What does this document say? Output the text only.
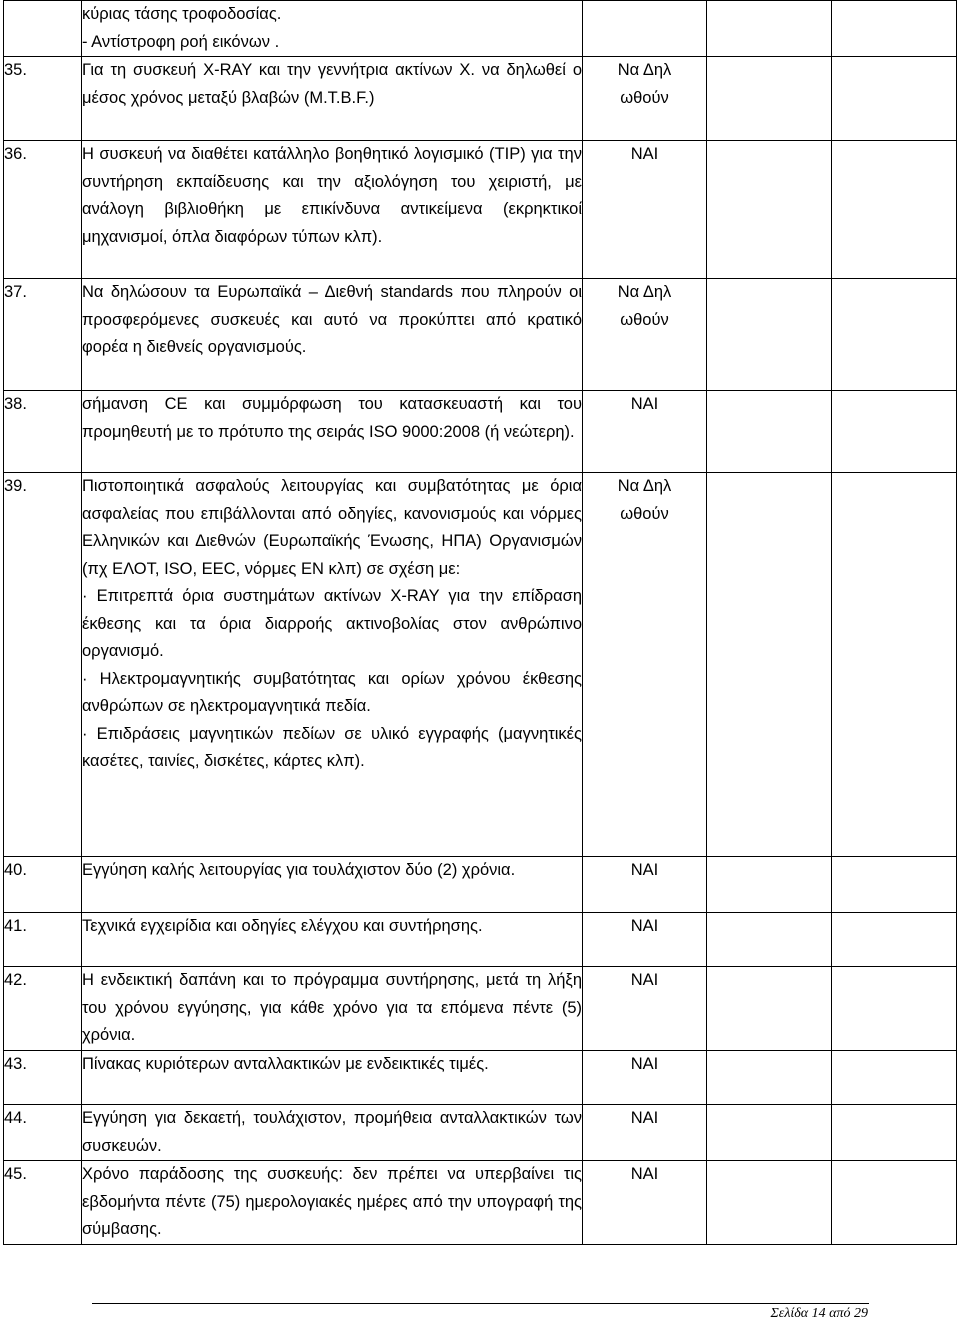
	κύριας τάσης τροφοδοσίας.
- Αντίστροφη ροή εικόνων .			

35.	Για τη συσκευή X-RAY και την γεννήτρια ακτίνων Χ. να δηλωθεί ο μέσος χρόνος μεταξύ βλαβών (M.T.B.F.)	Να Δηλωθούν		

36.	Η συσκευή να διαθέτει κατάλληλο βοηθητικό λογισμικό (TIP) για την συντήρηση εκπαίδευσης και την αξιολόγηση του χειριστή, με ανάλογη βιβλιοθήκη με επικίνδυνα αντικείμενα (εκρηκτικοί μηχανισμοί, όπλα διαφόρων τύπων κλπ).	ΝΑΙ		

37.	Να δηλώσουν τα Ευρωπαϊκά – Διεθνή standards που πληρούν οι προσφερόμενες συσκευές και αυτό να προκύπτει από κρατικό φορέα η διεθνείς οργανισμούς.	Να Δηλωθούν		

38.	σήμανση CE και συμμόρφωση του κατασκευαστή και του προμηθευτή με το πρότυπο της σειράς ISO 9000:2008 (ή νεώτερη).	ΝΑΙ		

39.	Πιστοποιητικά ασφαλούς λειτουργίας και συμβατότητας με όρια ασφαλείας που επιβάλλονται από οδηγίες, κανονισμούς και νόρμες Ελληνικών και Διεθνών (Ευρωπαϊκής Ένωσης, ΗΠΑ) Οργανισμών (πχ ΕΛΟΤ, ISO, EEC, νόρμες ΕΝ κλπ) σε σχέση με:
· Επιτρεπτά όρια συστημάτων ακτίνων X-RAY για την επίδραση έκθεσης και τα όρια διαρροής ακτινοβολίας στον ανθρώπινο οργανισμό.
· Ηλεκτρομαγνητικής συμβατότητας και ορίων χρόνου έκθεσης ανθρώπων σε ηλεκτρομαγνητικά πεδία.
· Επιδράσεις μαγνητικών πεδίων σε υλικό εγγραφής (μαγνητικές κασέτες, ταινίες, δισκέτες, κάρτες κλπ).	Να Δηλωθούν		

40.	Εγγύηση καλής λειτουργίας για τουλάχιστον δύο (2) χρόνια.	ΝΑΙ		

41.	Τεχνικά εγχειρίδια και οδηγίες ελέγχου και συντήρησης.	ΝΑΙ		

42.	Η ενδεικτική δαπάνη και το πρόγραμμα συντήρησης, μετά τη λήξη του χρόνου εγγύησης, για κάθε χρόνο για τα επόμενα πέντε (5) χρόνια.	ΝΑΙ		

43.	Πίνακας κυριότερων ανταλλακτικών με ενδεικτικές τιμές.	ΝΑΙ		

44.	Εγγύηση για δεκαετή, τουλάχιστον, προμήθεια ανταλλακτικών των συσκευών.	ΝΑΙ		

45.	Χρόνο παράδοσης της συσκευής: δεν πρέπει να υπερβαίνει τις εβδομήντα πέντε (75) ημερολογιακές ημέρες από την υπογραφή της σύμβασης.	ΝΑΙ		

Σελίδα 14 από 29
